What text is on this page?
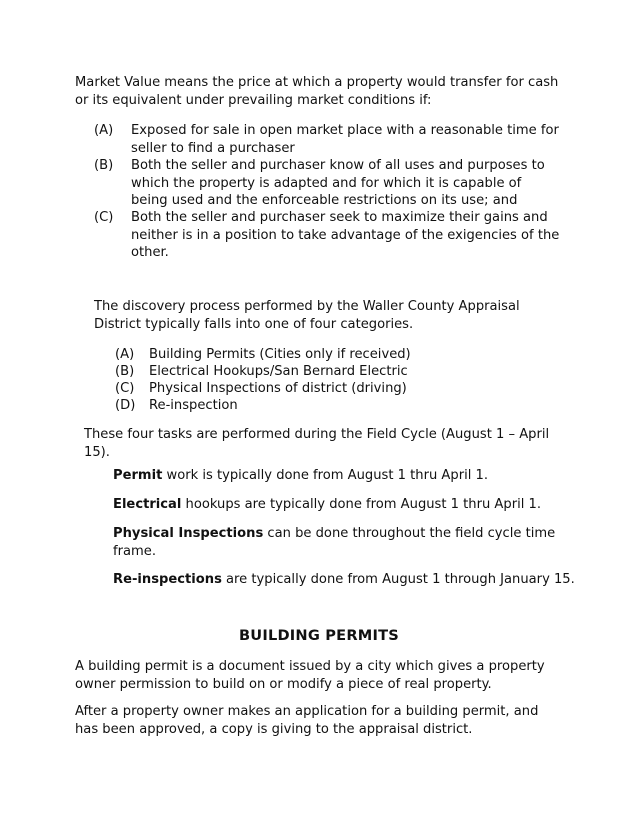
Market Value means the price at which a property would transfer for cash or its equivalent under prevailing market conditions if:

(A) Exposed for sale in open market place with a reasonable time for seller to find a purchaser
(B) Both the seller and purchaser know of all uses and purposes to which the property is adapted and for which it is capable of being used and the enforceable restrictions on its use; and
(C) Both the seller and purchaser seek to maximize their gains and neither is in a position to take advantage of the exigencies of the other.

The discovery process performed by the Waller County Appraisal District typically falls into one of four categories.

(A) Building Permits (Cities only if received)
(B) Electrical Hookups/San Bernard Electric
(C) Physical Inspections of district (driving)
(D) Re-inspection

These four tasks are performed during the Field Cycle (August 1 – April 15).

Permit work is typically done from August 1 thru April 1.

Electrical hookups are typically done from August 1 thru April 1.

Physical Inspections can be done throughout the field cycle time frame.

Re-inspections are typically done from August 1 through January 15.

BUILDING PERMITS

A building permit is a document issued by a city which gives a property owner permission to build on or modify a piece of real property.

After a property owner makes an application for a building permit, and has been approved, a copy is giving to the appraisal district.
